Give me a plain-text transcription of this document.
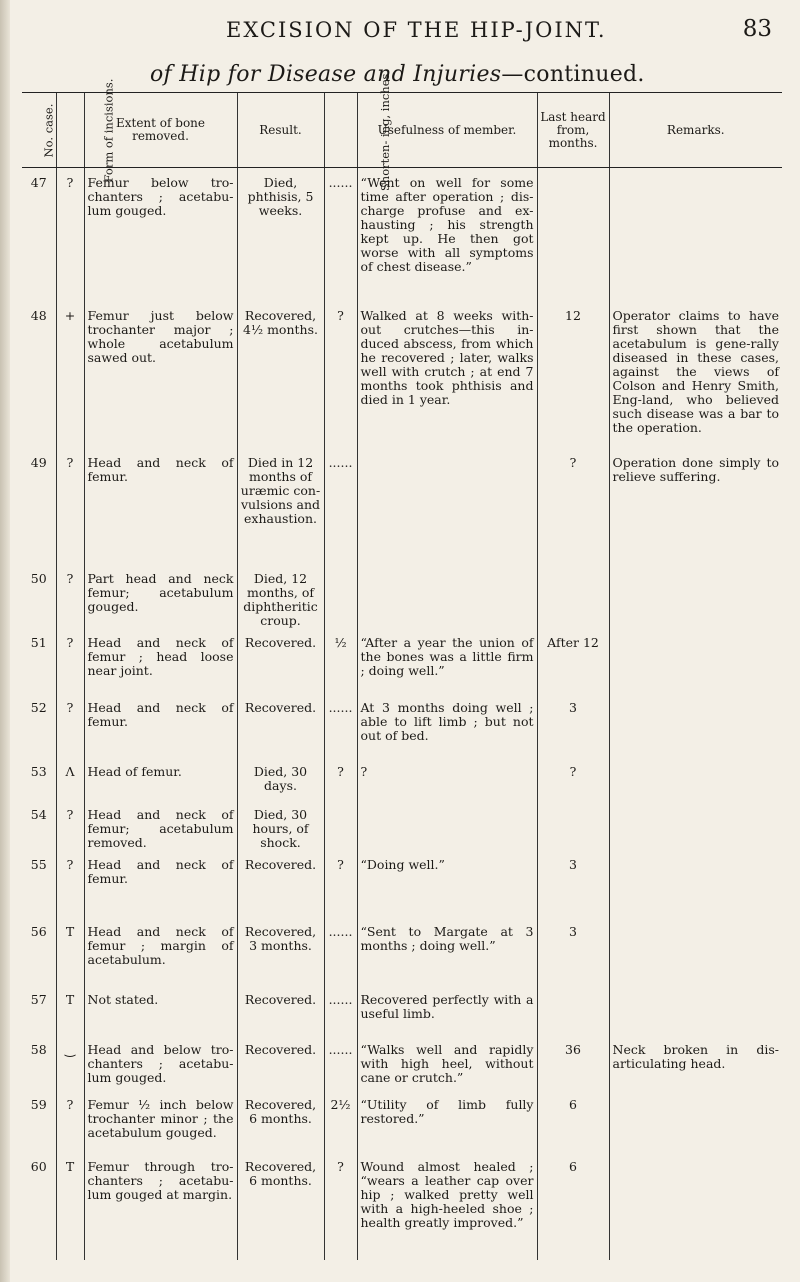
EXCISION OF THE HIP-JOINT.	83
of Hip for Disease and Injuries—continued.
No. case.	Form of incisions.	Extent of bone removed.	Result.	Shorten- ing, inches.	Usefulness of member.	Last heard from, months.	Remarks.
47	?	Femur below tro-chanters ; acetabu-lum gouged.	Died, phthisis, 5 weeks.	......	“Went on well for some time after operation ; dis-charge profuse and ex-hausting ; his strength kept up. He then got worse with all symptoms of chest disease.”		
48	+	Femur just below trochanter major ; whole acetabulum sawed out.	Recovered, 4½ months.	?	Walked at 8 weeks with-out crutches—this in-duced abscess, from which he recovered ; later, walks well with crutch ; at end 7 months took phthisis and died in 1 year.	12	Operator claims to have first shown that the acetabulum is gene-rally diseased in these cases, against the views of Colson and Henry Smith, Eng-land, who believed such disease was a bar to the operation.
49	?	Head and neck of femur.	Died in 12 months of uræmic con-vulsions and exhaustion.	......		?	Operation done simply to relieve suffering.
50	?	Part head and neck femur; acetabulum gouged.	Died, 12 months, of diphtheritic croup.				
51	?	Head and neck of femur ; head loose near joint.	Recovered.	½	“After a year the union of the bones was a little firm ; doing well.”	After 12	
52	?	Head and neck of femur.	Recovered.	......	At 3 months doing well ; able to lift limb ; but not out of bed.	3	
53	Λ	Head of femur.	Died, 30 days.	?	?	?	
54	?	Head and neck of femur; acetabulum removed.	Died, 30 hours, of shock.				
55	?	Head and neck of femur.	Recovered.	?	“Doing well.”	3	
56	T	Head and neck of femur ; margin of acetabulum.	Recovered, 3 months.	......	“Sent to Margate at 3 months ; doing well.”	3	
57	T	Not stated.	Recovered.	......	Recovered perfectly with a useful limb.		
58	‿	Head and below tro-chanters ; acetabu-lum gouged.	Recovered.	......	“Walks well and rapidly with high heel, without cane or crutch.”	36	Neck broken in dis-articulating head.
59	?	Femur ½ inch below trochanter minor ; the acetabulum gouged.	Recovered, 6 months.	2½	“Utility of limb fully restored.”	6	
60	T	Femur through tro-chanters ; acetabu-lum gouged at margin.	Recovered, 6 months.	?	Wound almost healed ; “wears a leather cap over hip ; walked pretty well with a high-heeled shoe ; health greatly improved.”	6	
